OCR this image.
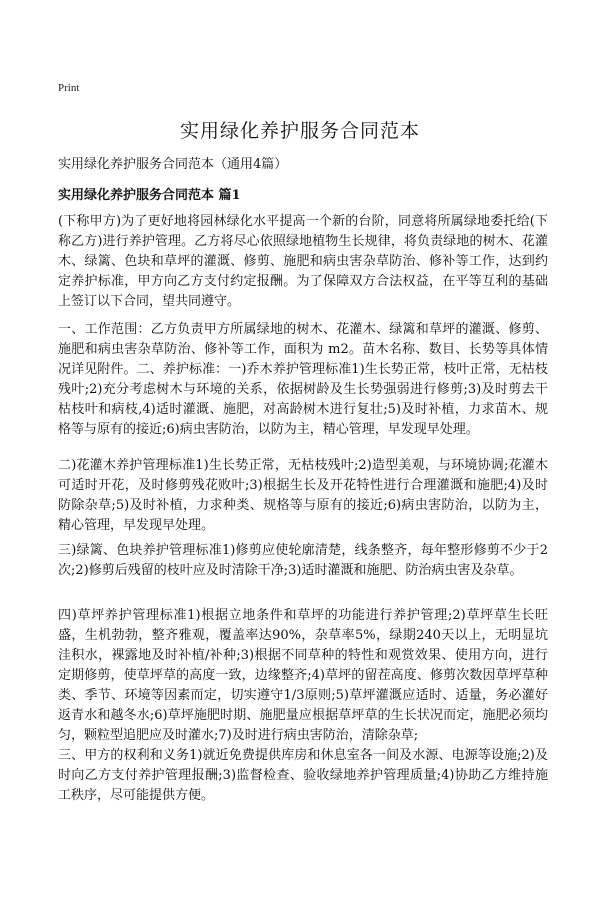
Print
实用绿化养护服务合同范本
实用绿化养护服务合同范本（通用4篇）
实用绿化养护服务合同范本 篇1

(下称甲方)为了更好地将园林绿化水平提高一个新的台阶，同意将所属绿地委托给(下称乙方)进行养护管理。乙方将尽心依照绿地植物生长规律，将负责绿地的树木、花灌木、绿篱、色块和草坪的灌溉、修剪、施肥和病虫害杂草防治、修补等工作，达到约定养护标准，甲方向乙方支付约定报酬。为了保障双方合法权益，在平等互利的基础上签订以下合同，望共同遵守。

一、工作范围：乙方负责甲方所属绿地的树木、花灌木、绿篱和草坪的灌溉、修剪、施肥和病虫害杂草防治、修补等工作，面积为 m2。苗木名称、数目、长势等具体情况详见附件。二、养护标准：一)乔木养护管理标准1)生长势正常，枝叶正常，无枯枝残叶;2)充分考虑树木与环境的关系，依据树龄及生长势强弱进行修剪;3)及时剪去干枯枝叶和病枝,4)适时灌溉、施肥，对高龄树木进行复壮;5)及时补植，力求苗木、规格等与原有的接近;6)病虫害防治，以防为主，精心管理，早发现早处理。

二)花灌木养护管理标准1)生长势正常，无枯枝残叶;2)造型美观，与环境协调;花灌木可适时开花，及时修剪残花败叶;3)根据生长及开花特性进行合理灌溉和施肥;4)及时防除杂草;5)及时补植，力求种类、规格等与原有的接近;6)病虫害防治，以防为主，精心管理，早发现早处理。

三)绿篱、色块养护管理标准1)修剪应使轮廓清楚，线条整齐，每年整形修剪不少于2次;2)修剪后残留的枝叶应及时清除干净;3)适时灌溉和施肥、防治病虫害及杂草。

四)草坪养护管理标准1)根据立地条件和草坪的功能进行养护管理;2)草坪草生长旺盛，生机勃勃，整齐雅观，覆盖率达90%，杂草率5%，绿期240天以上，无明显坑洼积水，裸露地及时补植/补种;3)根据不同草种的特性和观赏效果、使用方向，进行定期修剪，使草坪草的高度一致，边缘整齐;4)草坪的留茬高度、修剪次数因草坪草种类、季节、环境等因素而定，切实遵守1/3原则;5)草坪灌溉应适时、适量，务必灌好返青水和越冬水;6)草坪施肥时期、施肥量应根据草坪草的生长状况而定，施肥必须均匀，颗粒型追肥应及时灌水;7)及时进行病虫害防治，清除杂草;

三、甲方的权利和义务1)就近免费提供库房和休息室各一间及水源、电源等设施;2)及时向乙方支付养护管理报酬;3)监督检查、验收绿地养护管理质量;4)协助乙方维持施工秩序，尽可能提供方便。
